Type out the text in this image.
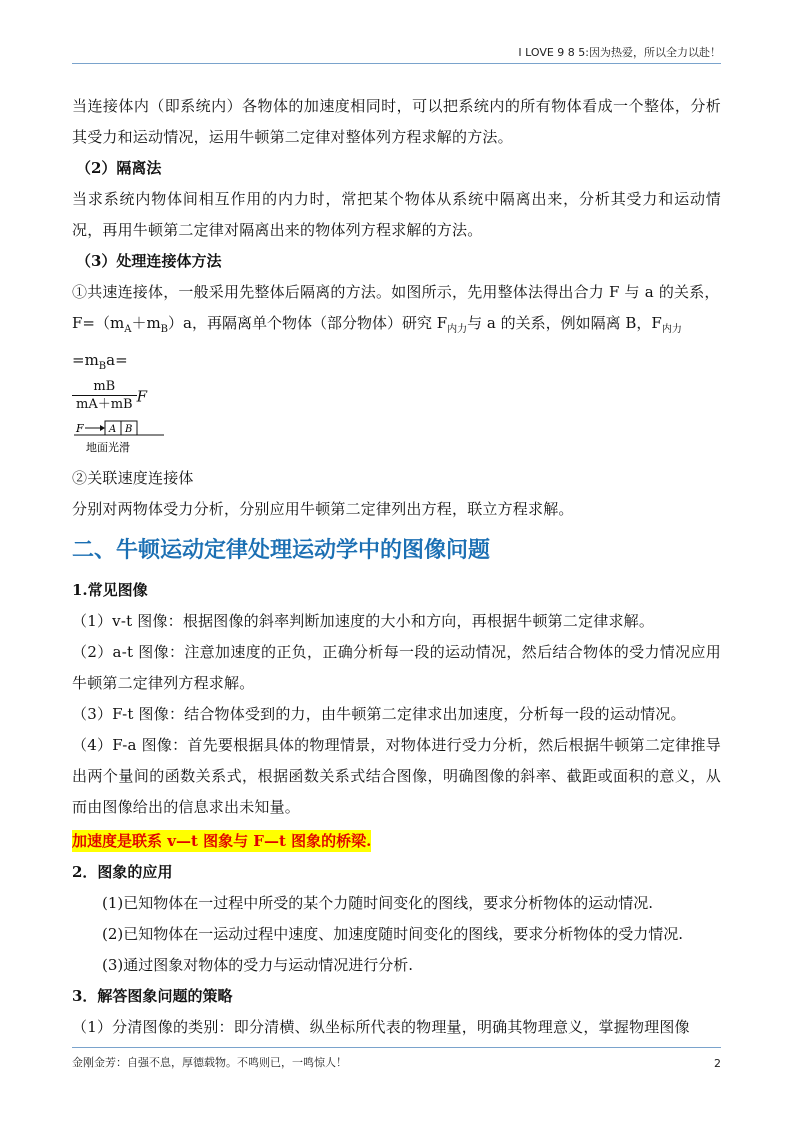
I LOVE 9 8 5:因为热爱，所以全力以赴！

当连接体内（即系统内）各物体的加速度相同时，可以把系统内的所有物体看成一个整体，分析其受力和运动情况，运用牛顿第二定律对整体列方程求解的方法。

（2）隔离法

当求系统内物体间相互作用的内力时，常把某个物体从系统中隔离出来，分析其受力和运动情况，再用牛顿第二定律对隔离出来的物体列方程求解的方法。

（3）处理连接体方法

①共速连接体，一般采用先整体后隔离的方法。如图所示，先用整体法得出合力 F 与 a 的关系，

$F=(m_A+m_B)a$，再隔离单个物体（部分物体）研究 $F_{内力}$与 a 的关系，例如隔离 B，$F_{内力}=m_Ba=$

$\frac{mB}{mA+mB}$ F
F	A B
地面光滑

②关联速度连接体

分别对两物体受力分析，分别应用牛顿第二定律列出方程，联立方程求解。

二、牛顿运动定律处理运动学中的图像问题

1.常见图像

（1）v-t 图像：根据图像的斜率判断加速度的大小和方向，再根据牛顿第二定律求解。

（2）a-t 图像：注意加速度的正负，正确分析每一段的运动情况，然后结合物体的受力情况应用牛顿第二定律列方程求解。

（3）F-t 图像：结合物体受到的力，由牛顿第二定律求出加速度，分析每一段的运动情况。

（4）F-a 图像：首先要根据具体的物理情景，对物体进行受力分析，然后根据牛顿第二定律推导出两个量间的函数关系式，根据函数关系式结合图像，明确图像的斜率、截距或面积的意义，从而由图像给出的信息求出未知量。

加速度是联系 v—t 图象与 F—t 图象的桥梁.

2．图象的应用

(1)已知物体在一过程中所受的某个力随时间变化的图线，要求分析物体的运动情况.

(2)已知物体在一运动过程中速度、加速度随时间变化的图线，要求分析物体的受力情况.

(3)通过图象对物体的受力与运动情况进行分析.

3．解答图象问题的策略

（1）分清图像的类别：即分清横、纵坐标所代表的物理量，明确其物理意义，掌握物理图像

金刚金芳：自强不息，厚德载物。不鸣则已，一鸣惊人！	2
